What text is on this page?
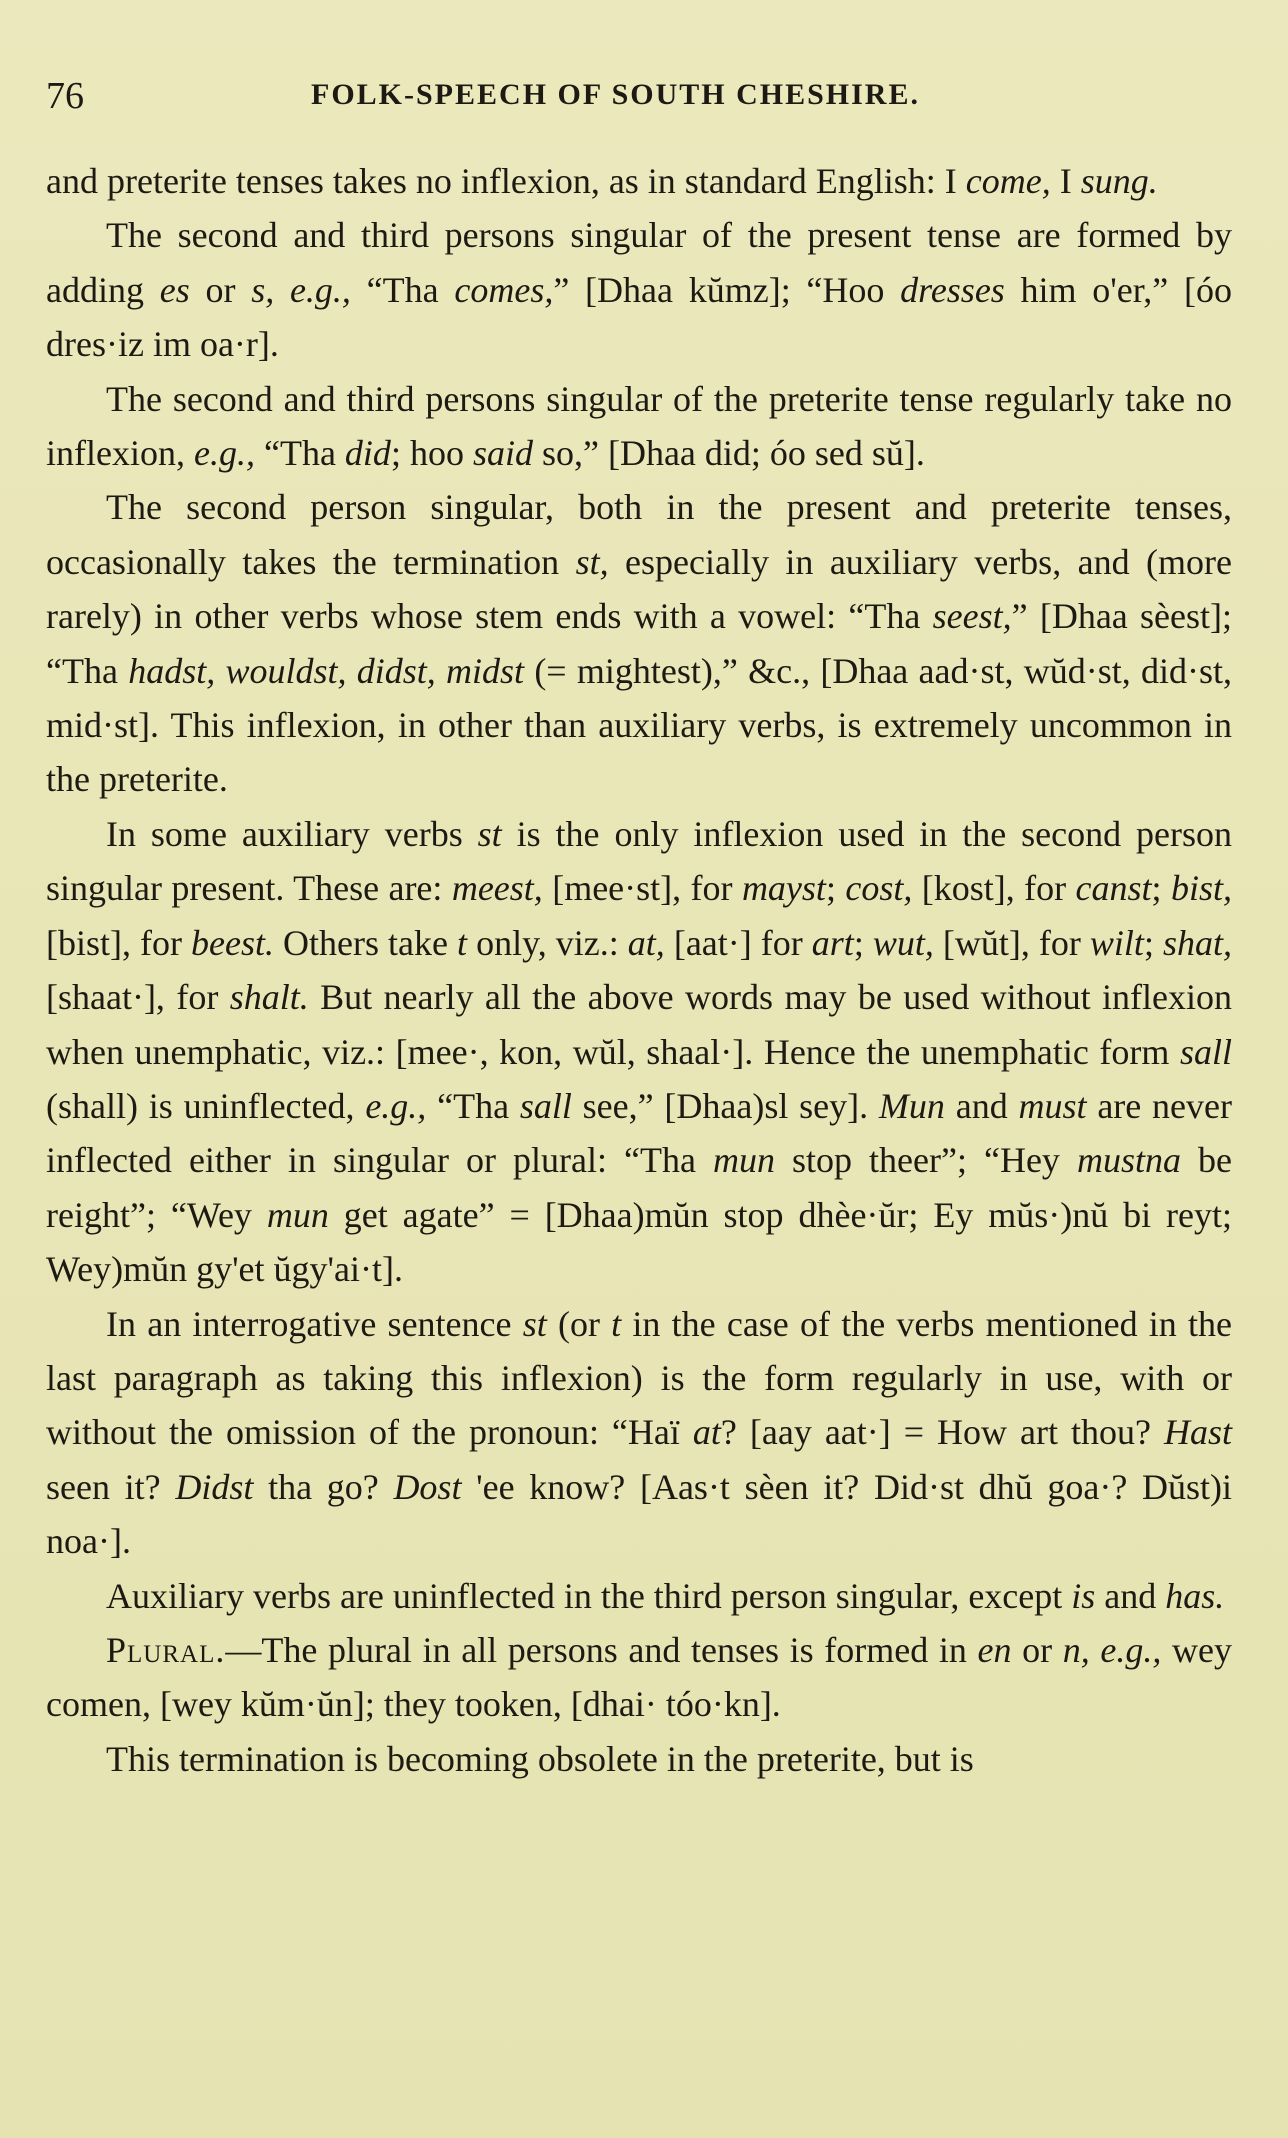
76	FOLK-SPEECH OF SOUTH CHESHIRE.

and preterite tenses takes no inflexion, as in standard English: I come, I sung.

The second and third persons singular of the present tense are formed by adding es or s, e.g., “Tha comes,” [Dhaa kŭmz]; “Hoo dresses him o'er,” [óo dres·iz im oa·r].

The second and third persons singular of the preterite tense regularly take no inflexion, e.g., “Tha did; hoo said so,” [Dhaa did; óo sed sŭ].

The second person singular, both in the present and preterite tenses, occasionally takes the termination st, especially in auxiliary verbs, and (more rarely) in other verbs whose stem ends with a vowel: “Tha seest,” [Dhaa sèest]; “Tha hadst, wouldst, didst, midst (= mightest),” &c., [Dhaa aad·st, wŭd·st, did·st, mid·st]. This inflexion, in other than auxiliary verbs, is extremely uncommon in the preterite.

In some auxiliary verbs st is the only inflexion used in the second person singular present. These are: meest, [mee·st], for mayst; cost, [kost], for canst; bist, [bist], for beest. Others take t only, viz.: at, [aat·] for art; wut, [wŭt], for wilt; shat, [shaat·], for shalt. But nearly all the above words may be used without inflexion when unemphatic, viz.: [mee·, kon, wŭl, shaal·]. Hence the unemphatic form sall (shall) is uninflected, e.g., “Tha sall see,” [Dhaa)sl sey]. Mun and must are never inflected either in singular or plural: “Tha mun stop theer”; “Hey mustna be reight”; “Wey mun get agate” = [Dhaa)mŭn stop dhèe·ŭr; Ey mŭs·)nŭ bi reyt; Wey)mŭn gy'et ŭgy'ai·t].

In an interrogative sentence st (or t in the case of the verbs mentioned in the last paragraph as taking this inflexion) is the form regularly in use, with or without the omission of the pronoun: “Haï at? [aay aat·] = How art thou? Hast seen it? Didst tha go? Dost 'ee know? [Aas·t sèen it? Did·st dhŭ goa·? Dŭst)i noa·].

Auxiliary verbs are uninflected in the third person singular, except is and has.

Plural.—The plural in all persons and tenses is formed in en or n, e.g., wey comen, [wey kŭm·ŭn]; they tooken, [dhai· tóo·kn].

This termination is becoming obsolete in the preterite, but is
